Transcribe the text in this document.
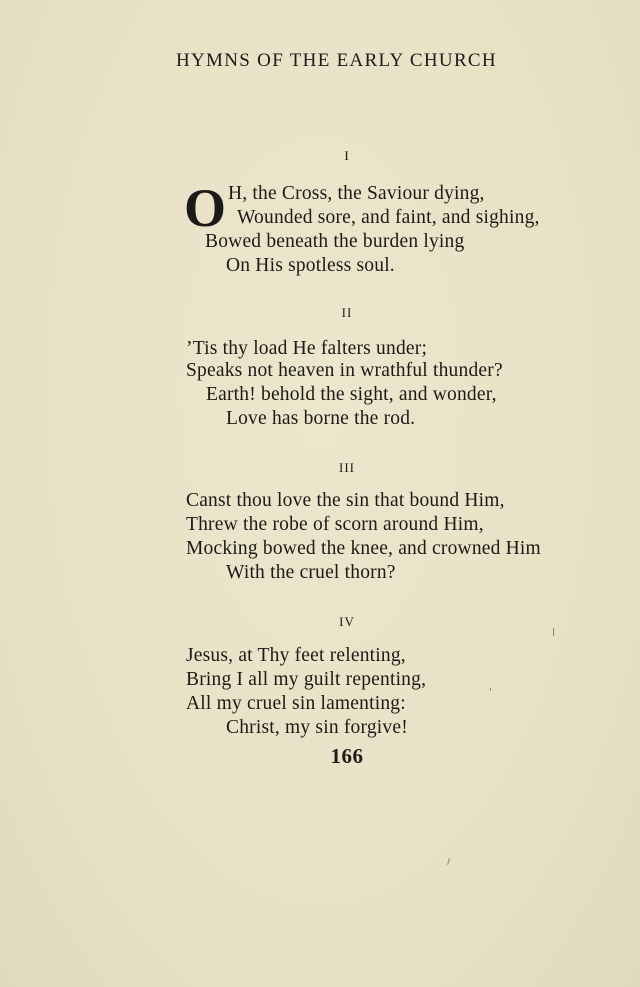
HYMNS OF THE EARLY CHURCH
I
O H, the Cross, the Saviour dying,
Wounded sore, and faint, and sighing,
Bowed beneath the burden lying
On His spotless soul.
II
’Tis thy load He falters under;
Speaks not heaven in wrathful thunder?
Earth! behold the sight, and wonder,
Love has borne the rod.
III
Canst thou love the sin that bound Him,
Threw the robe of scorn around Him,
Mocking bowed the knee, and crowned Him
With the cruel thorn?
IV
Jesus, at Thy feet relenting,
Bring I all my guilt repenting,
All my cruel sin lamenting:
Christ, my sin forgive!
166
